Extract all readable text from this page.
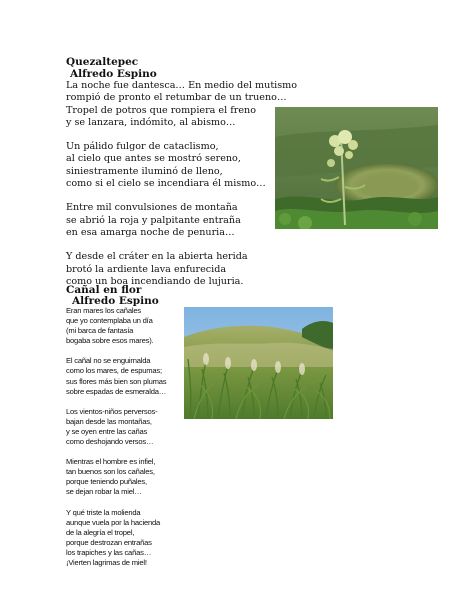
Quezaltepec
Alfredo Espino
La noche fue dantesca… En medio del mutismo
rompió de pronto el retumbar de un trueno…
Tropel de potros que rompiera el freno
y se lanzara, indómito, al abismo…
Un pálido fulgor de cataclismo,
al cielo que antes se mostró sereno,
siniestramente iluminó de lleno,
como si el cielo se incendiara él mismo…
Entre mil convulsiones de montaña
se abrió la roja y palpitante entraña
en esa amarga noche de penuria…
Y desde el cráter en la abierta herida
brotó la ardiente lava enfurecida
como un boa incendiando de lujuria.
Cañal en flor
Alfredo Espino
Eran mares los cañales
que yo contemplaba un día
(mi barca de fantasía
bogaba sobre esos mares).
El cañal no se enguirnalda
como los mares, de espumas;
sus flores más bien son plumas
sobre espadas de esmeralda…
Los vientos-niños perversos-
bajan desde las montañas,
y se oyen entre las cañas
como deshojando versos…
Mientras el hombre es infiel,
tan buenos son los cañales,
porque teniendo puñales,
se dejan robar la miel…
Y qué triste la molienda
aunque vuela por la hacienda
de la alegría el tropel,
porque destrozan entrañas
los trapiches y las cañas…
¡Vierten lagrimas de miel!
